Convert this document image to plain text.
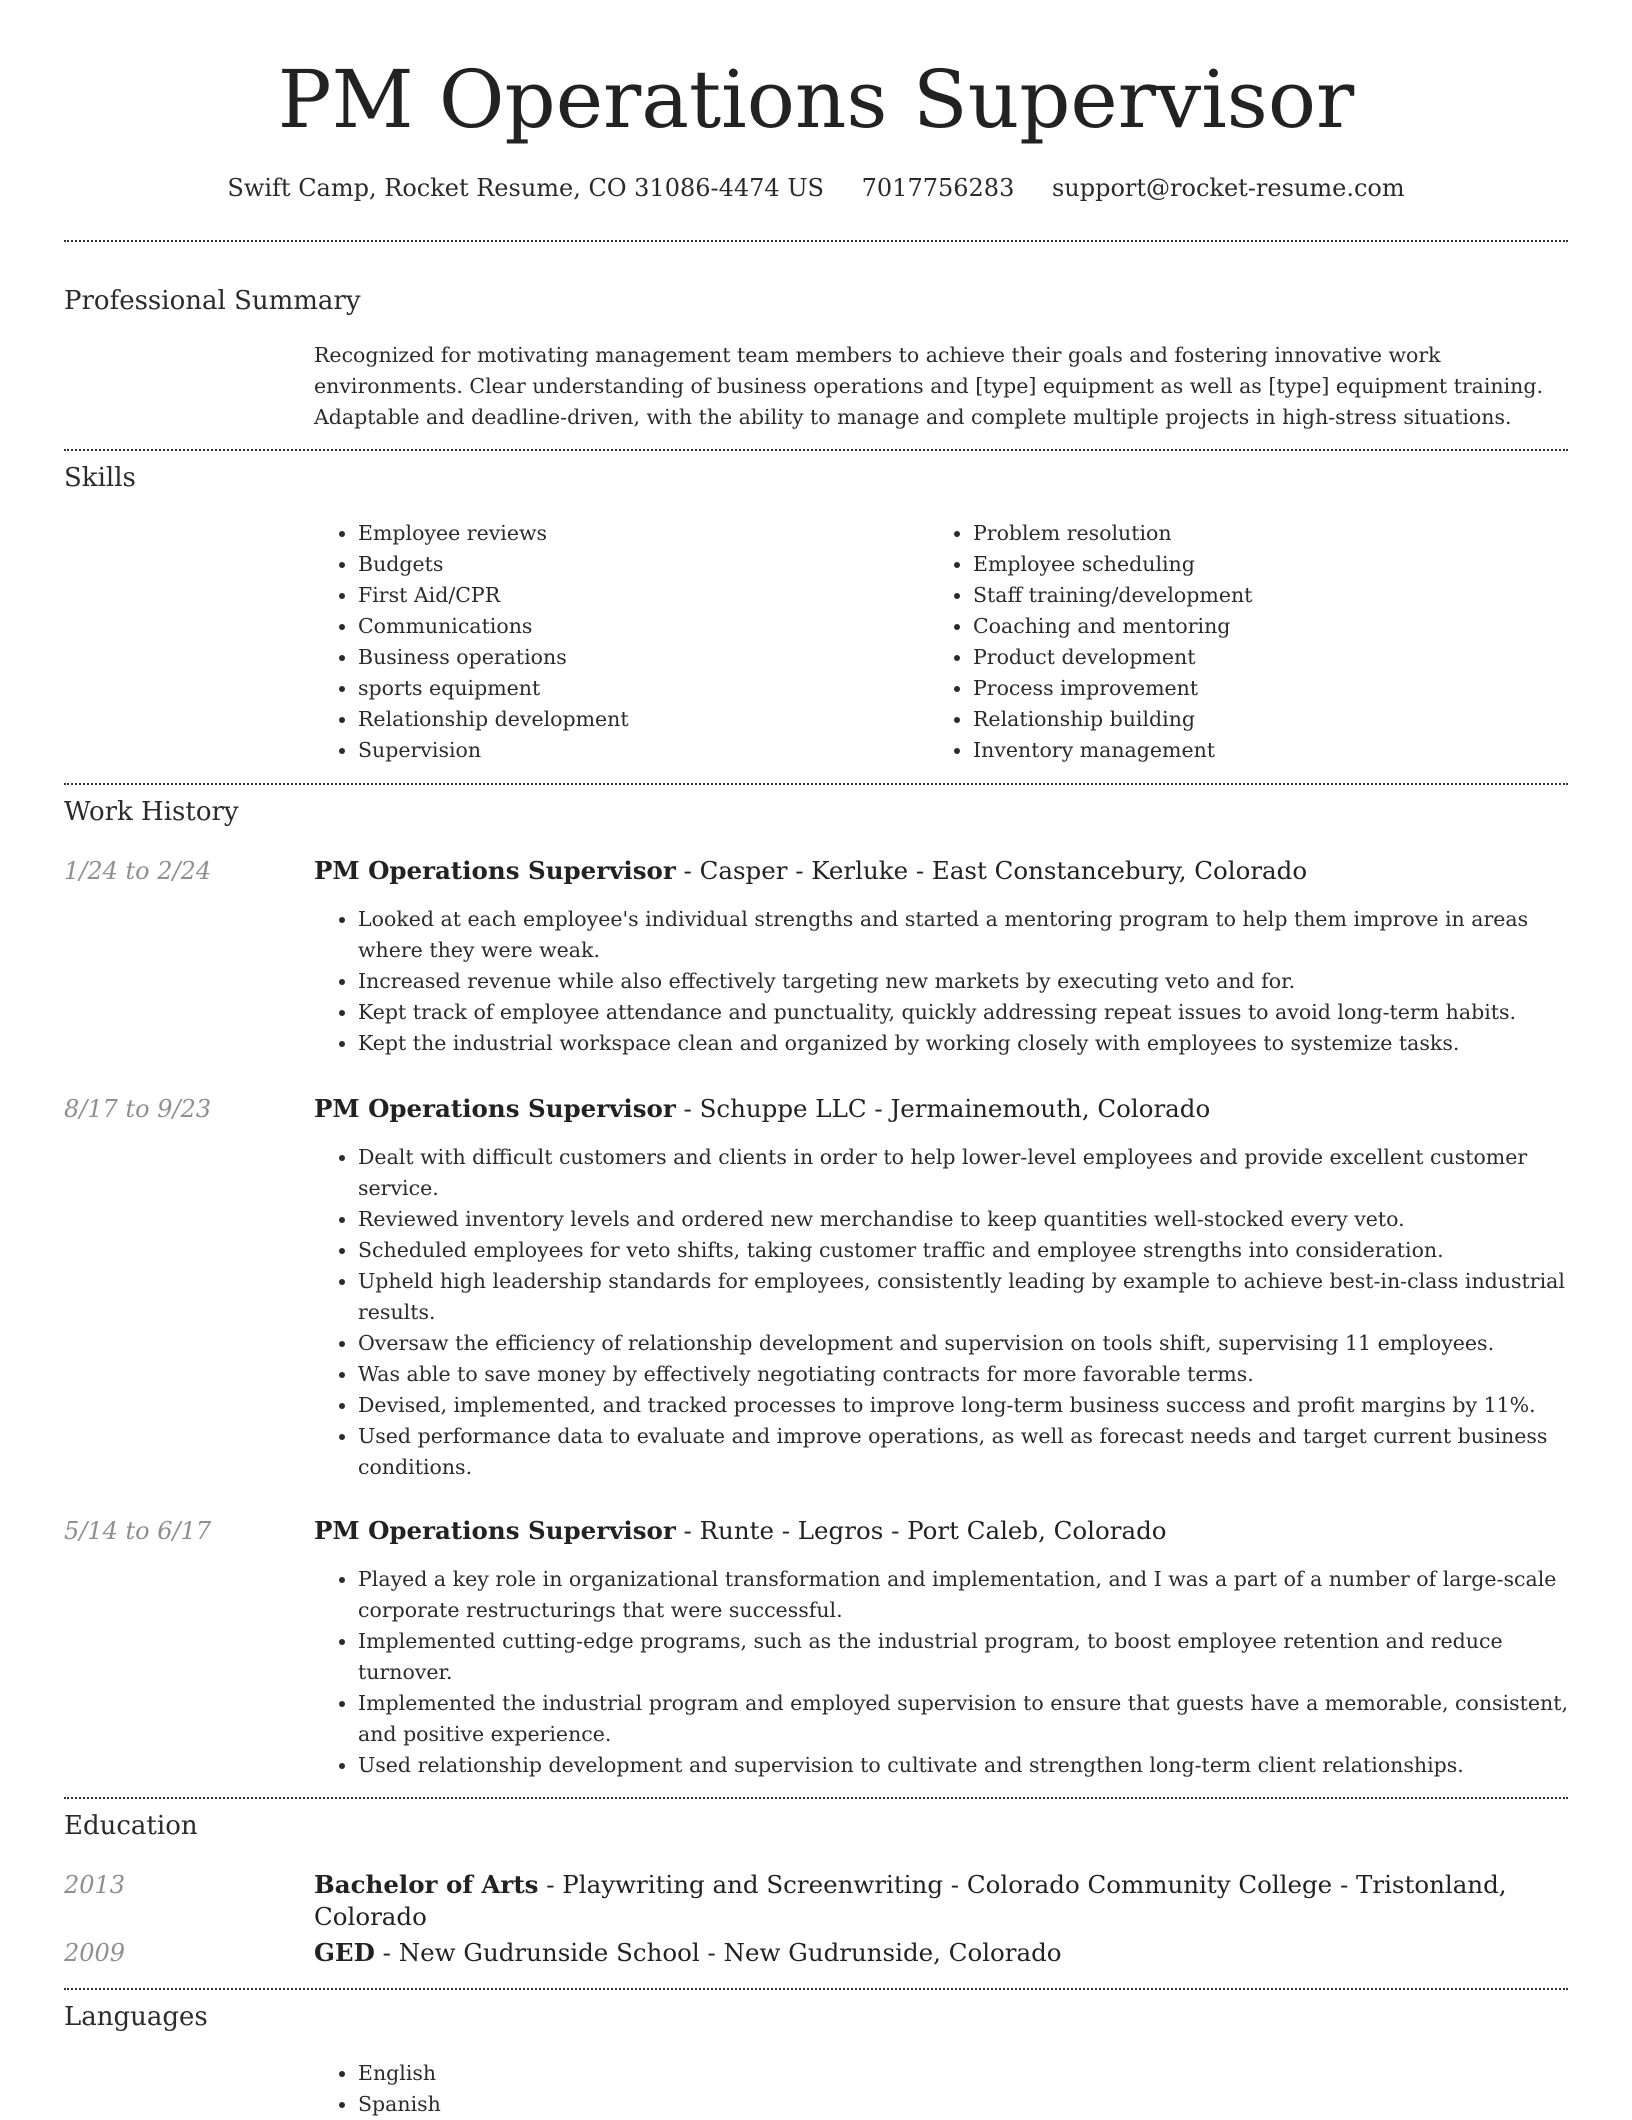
PM Operations Supervisor
Swift Camp, Rocket Resume, CO 31086-4474 US 7017756283 support@rocket-resume.com
Professional Summary
Recognized for motivating management team members to achieve their goals and fostering innovative work environments. Clear understanding of business operations and [type] equipment as well as [type] equipment training. Adaptable and deadline-driven, with the ability to manage and complete multiple projects in high-stress situations.
Skills
• Employee reviews
• Budgets
• First Aid/CPR
• Communications
• Business operations
• sports equipment
• Relationship development
• Supervision
• Problem resolution
• Employee scheduling
• Staff training/development
• Coaching and mentoring
• Product development
• Process improvement
• Relationship building
• Inventory management
Work History
1/24 to 2/24	PM Operations Supervisor - Casper - Kerluke - East Constancebury, Colorado
• Looked at each employee's individual strengths and started a mentoring program to help them improve in areas where they were weak.
• Increased revenue while also effectively targeting new markets by executing veto and for.
• Kept track of employee attendance and punctuality, quickly addressing repeat issues to avoid long-term habits.
• Kept the industrial workspace clean and organized by working closely with employees to systemize tasks.
8/17 to 9/23	PM Operations Supervisor - Schuppe LLC - Jermainemouth, Colorado
• Dealt with difficult customers and clients in order to help lower-level employees and provide excellent customer service.
• Reviewed inventory levels and ordered new merchandise to keep quantities well-stocked every veto.
• Scheduled employees for veto shifts, taking customer traffic and employee strengths into consideration.
• Upheld high leadership standards for employees, consistently leading by example to achieve best-in-class industrial results.
• Oversaw the efficiency of relationship development and supervision on tools shift, supervising 11 employees.
• Was able to save money by effectively negotiating contracts for more favorable terms.
• Devised, implemented, and tracked processes to improve long-term business success and profit margins by 11%.
• Used performance data to evaluate and improve operations, as well as forecast needs and target current business conditions.
5/14 to 6/17	PM Operations Supervisor - Runte - Legros - Port Caleb, Colorado
• Played a key role in organizational transformation and implementation, and I was a part of a number of large-scale corporate restructurings that were successful.
• Implemented cutting-edge programs, such as the industrial program, to boost employee retention and reduce turnover.
• Implemented the industrial program and employed supervision to ensure that guests have a memorable, consistent, and positive experience.
• Used relationship development and supervision to cultivate and strengthen long-term client relationships.
Education
2013	Bachelor of Arts - Playwriting and Screenwriting - Colorado Community College - Tristonland, Colorado
2009	GED - New Gudrunside School - New Gudrunside, Colorado
Languages
• English
• Spanish
